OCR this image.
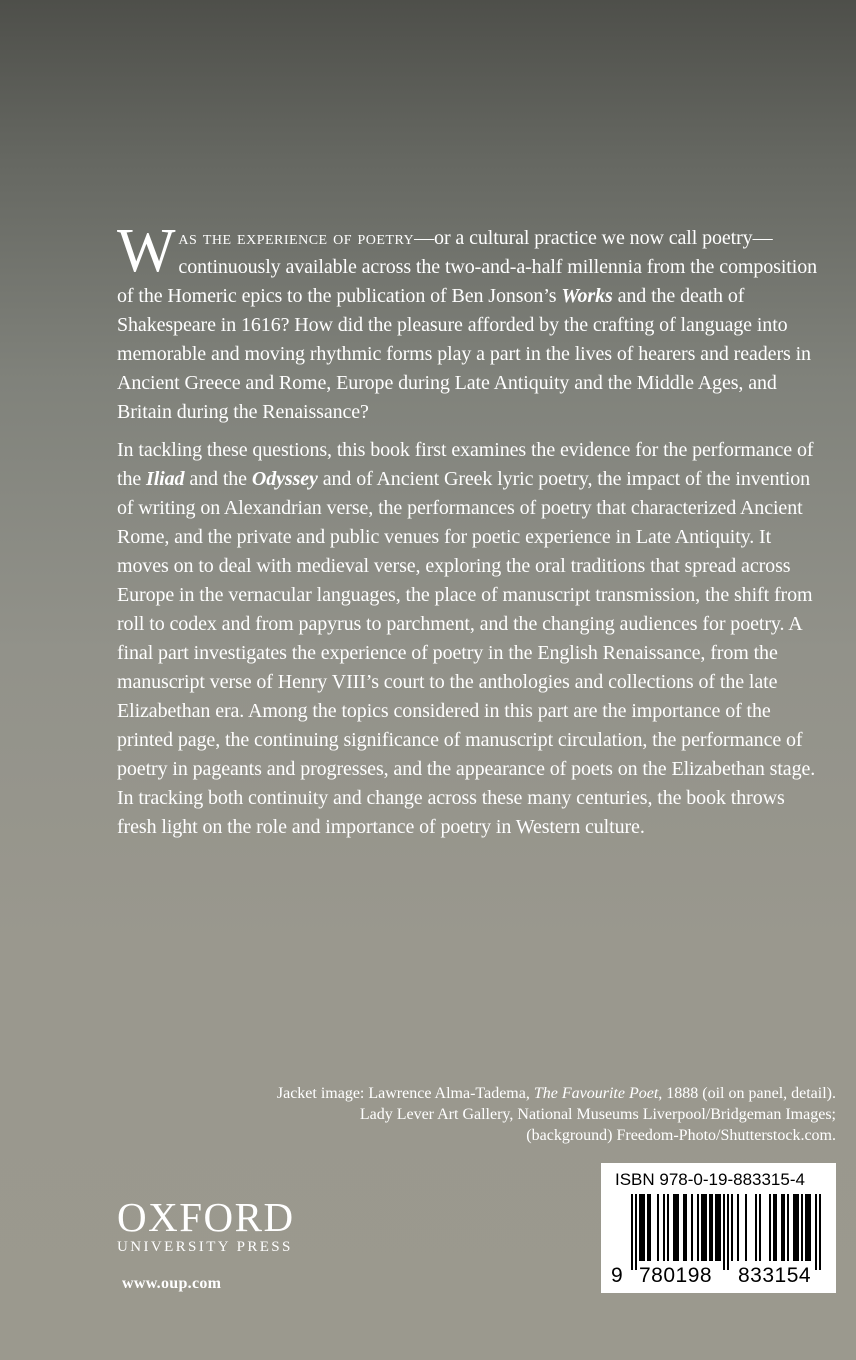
Was the experience of poetry—or a cultural practice we now call poetry—continuously available across the two-and-a-half millennia from the composition of the Homeric epics to the publication of Ben Jonson’s Works and the death of Shakespeare in 1616? How did the pleasure afforded by the crafting of language into memorable and moving rhythmic forms play a part in the lives of hearers and readers in Ancient Greece and Rome, Europe during Late Antiquity and the Middle Ages, and Britain during the Renaissance?

In tackling these questions, this book first examines the evidence for the performance of the Iliad and the Odyssey and of Ancient Greek lyric poetry, the impact of the invention of writing on Alexandrian verse, the performances of poetry that characterized Ancient Rome, and the private and public venues for poetic experience in Late Antiquity. It moves on to deal with medieval verse, exploring the oral traditions that spread across Europe in the vernacular languages, the place of manuscript transmission, the shift from roll to codex and from papyrus to parchment, and the changing audiences for poetry. A final part investigates the experience of poetry in the English Renaissance, from the manuscript verse of Henry VIII’s court to the anthologies and collections of the late Elizabethan era. Among the topics considered in this part are the importance of the printed page, the continuing significance of manuscript circulation, the performance of poetry in pageants and progresses, and the appearance of poets on the Elizabethan stage. In tracking both continuity and change across these many centuries, the book throws fresh light on the role and importance of poetry in Western culture.

Jacket image: Lawrence Alma-Tadema, The Favourite Poet, 1888 (oil on panel, detail).
Lady Lever Art Gallery, National Museums Liverpool/Bridgeman Images;
(background) Freedom-Photo/Shutterstock.com.
OXFORD
UNIVERSITY PRESS
www.oup.com
ISBN 978-0-19-883315-4
9 780198 833154
